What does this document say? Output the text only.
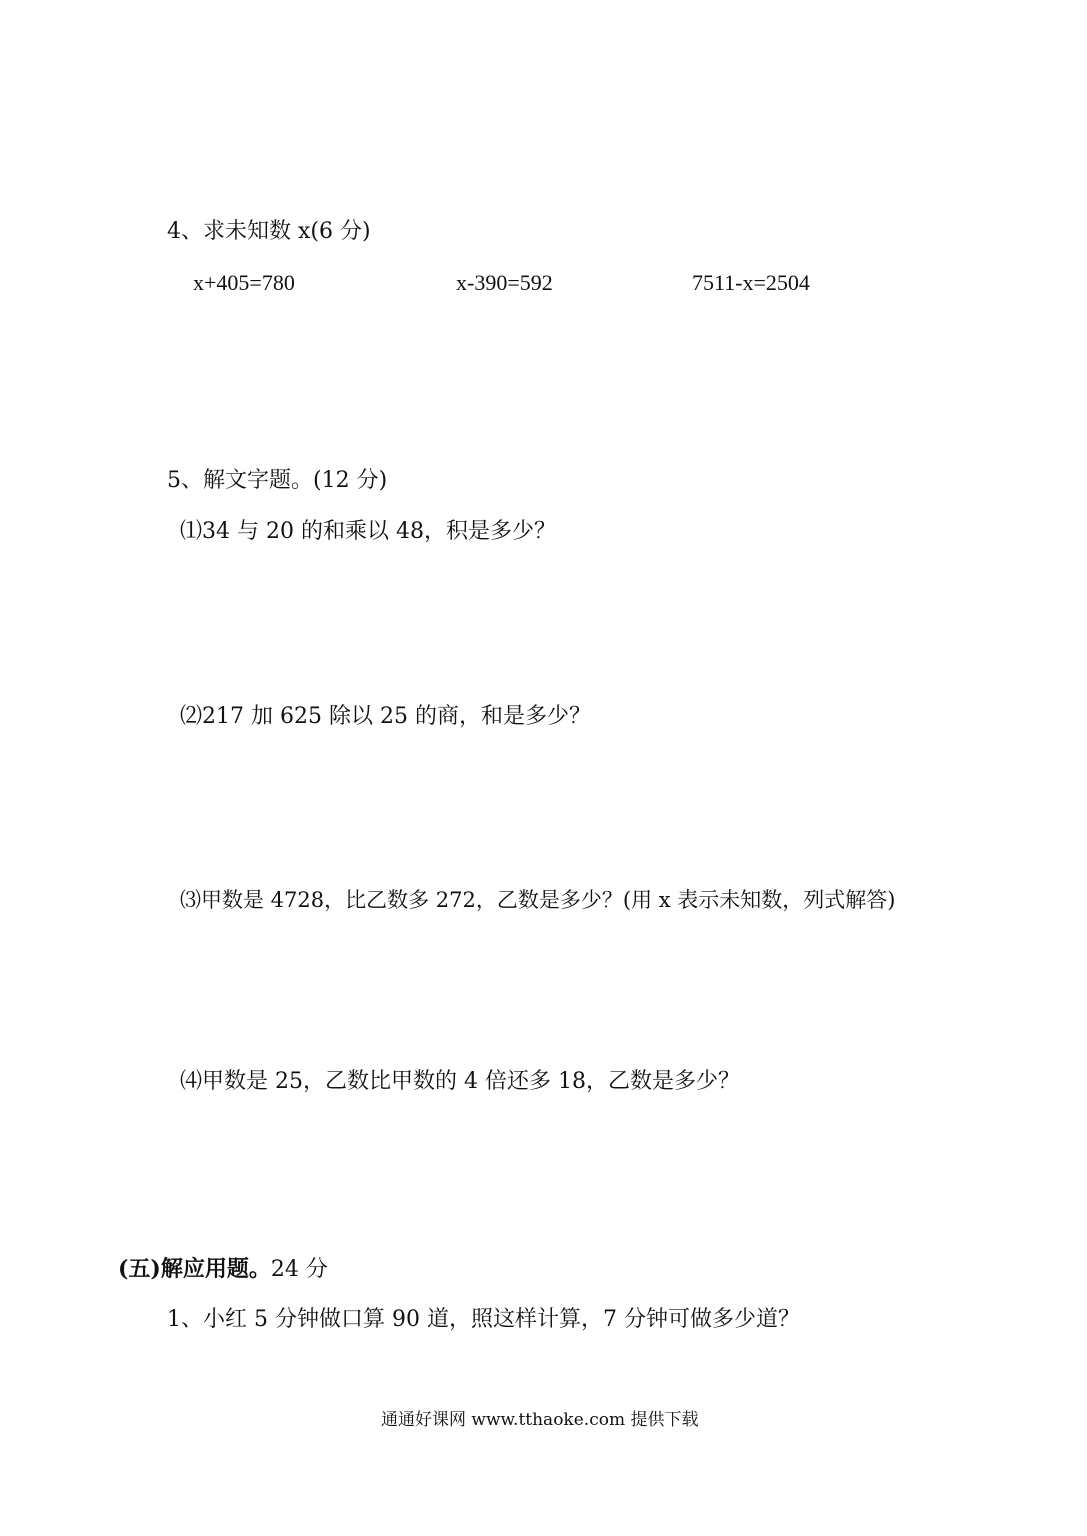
4、求未知数 x(6 分)
x+405=780	x-390=592	7511-x=2504
5、解文字题。(12 分)
⑴34 与 20 的和乘以 48，积是多少？
⑵217 加 625 除以 25 的商，和是多少？
⑶甲数是 4728，比乙数多 272，乙数是多少？(用 x 表示未知数，列式解答)
⑷甲数是 25，乙数比甲数的 4 倍还多 18，乙数是多少？
(五)解应用题。24 分
1、小红 5 分钟做口算 90 道，照这样计算，7 分钟可做多少道？
通通好课网 www.tthaoke.com 提供下载
